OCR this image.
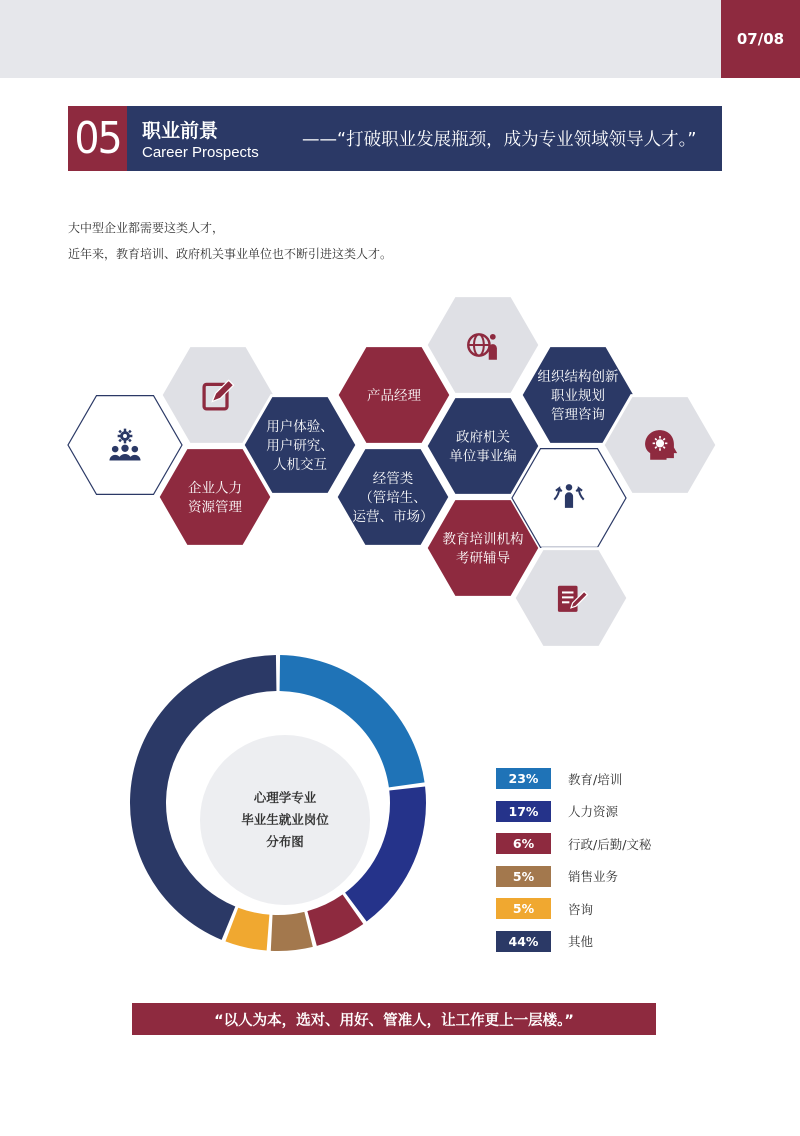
07/08
05	职业前景
Career Prospects
——“打破职业发展瓶颈，成为专业领域领导人才。”
大中型企业都需要这类人才，
近年来，教育培训、政府机关事业单位也不断引进这类人才。
企业人力
资源管理
用户体验、
用户研究、
人机交互
产品经理
经管类
（管培生、
运营、市场）
政府机关
单位事业编
教育培训机构
考研辅导
组织结构创新
职业规划
管理咨询
心理学专业
毕业生就业岗位
分布图
23%	教育/培训
17%	人力资源
6%	行政/后勤/文秘
5%	销售业务
5%	咨询
44%	其他
“以人为本，选对、用好、管准人，让工作更上一层楼。”
